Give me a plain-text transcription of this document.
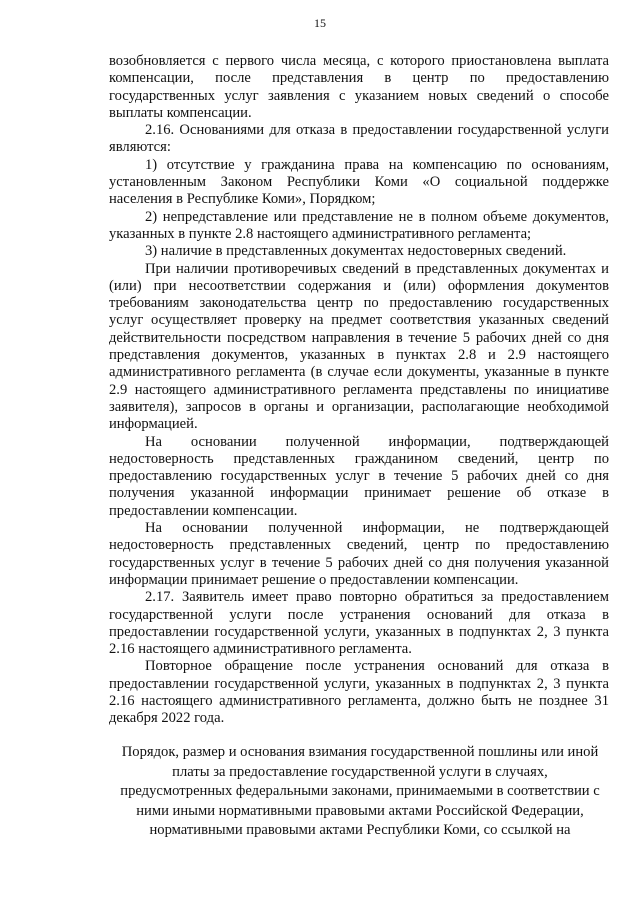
15

возобновляется с первого числа месяца, с которого приостановлена выплата компенсации, после представления в центр по предоставлению государственных услуг заявления с указанием новых сведений о способе выплаты компенсации.

2.16. Основаниями для отказа в предоставлении государственной услуги являются:

1) отсутствие у гражданина права на компенсацию по основаниям, установленным Законом Республики Коми «О социальной поддержке населения в Республике Коми», Порядком;

2) непредставление или представление не в полном объеме документов, указанных в пункте 2.8 настоящего административного регламента;

3) наличие в представленных документах недостоверных сведений.

При наличии противоречивых сведений в представленных документах и (или) при несоответствии содержания и (или) оформления документов требованиям законодательства центр по предоставлению государственных услуг осуществляет проверку на предмет соответствия указанных сведений действительности посредством направления в течение 5 рабочих дней со дня представления документов, указанных в пунктах 2.8 и 2.9 настоящего административного регламента (в случае если документы, указанные в пункте 2.9 настоящего административного регламента представлены по инициативе заявителя), запросов в органы и организации, располагающие необходимой информацией.

На основании полученной информации, подтверждающей недостоверность представленных гражданином сведений, центр по предоставлению государственных услуг в течение 5 рабочих дней со дня получения указанной информации принимает решение об отказе в предоставлении компенсации.

На основании полученной информации, не подтверждающей недостоверность представленных сведений, центр по предоставлению государственных услуг в течение 5 рабочих дней со дня получения указанной информации принимает решение о предоставлении компенсации.

2.17. Заявитель имеет право повторно обратиться за предоставлением государственной услуги после устранения оснований для отказа в предоставлении государственной услуги, указанных в подпунктах 2, 3 пункта 2.16 настоящего административного регламента.

Повторное обращение после устранения оснований для отказа в предоставлении государственной услуги, указанных в подпунктах 2, 3 пункта 2.16 настоящего административного регламента, должно быть не позднее 31 декабря 2022 года.

Порядок, размер и основания взимания государственной пошлины или иной
платы за предоставление государственной услуги в случаях,
предусмотренных федеральными законами, принимаемыми в соответствии с
ними иными нормативными правовыми актами Российской Федерации,
нормативными правовыми актами Республики Коми, со ссылкой на
